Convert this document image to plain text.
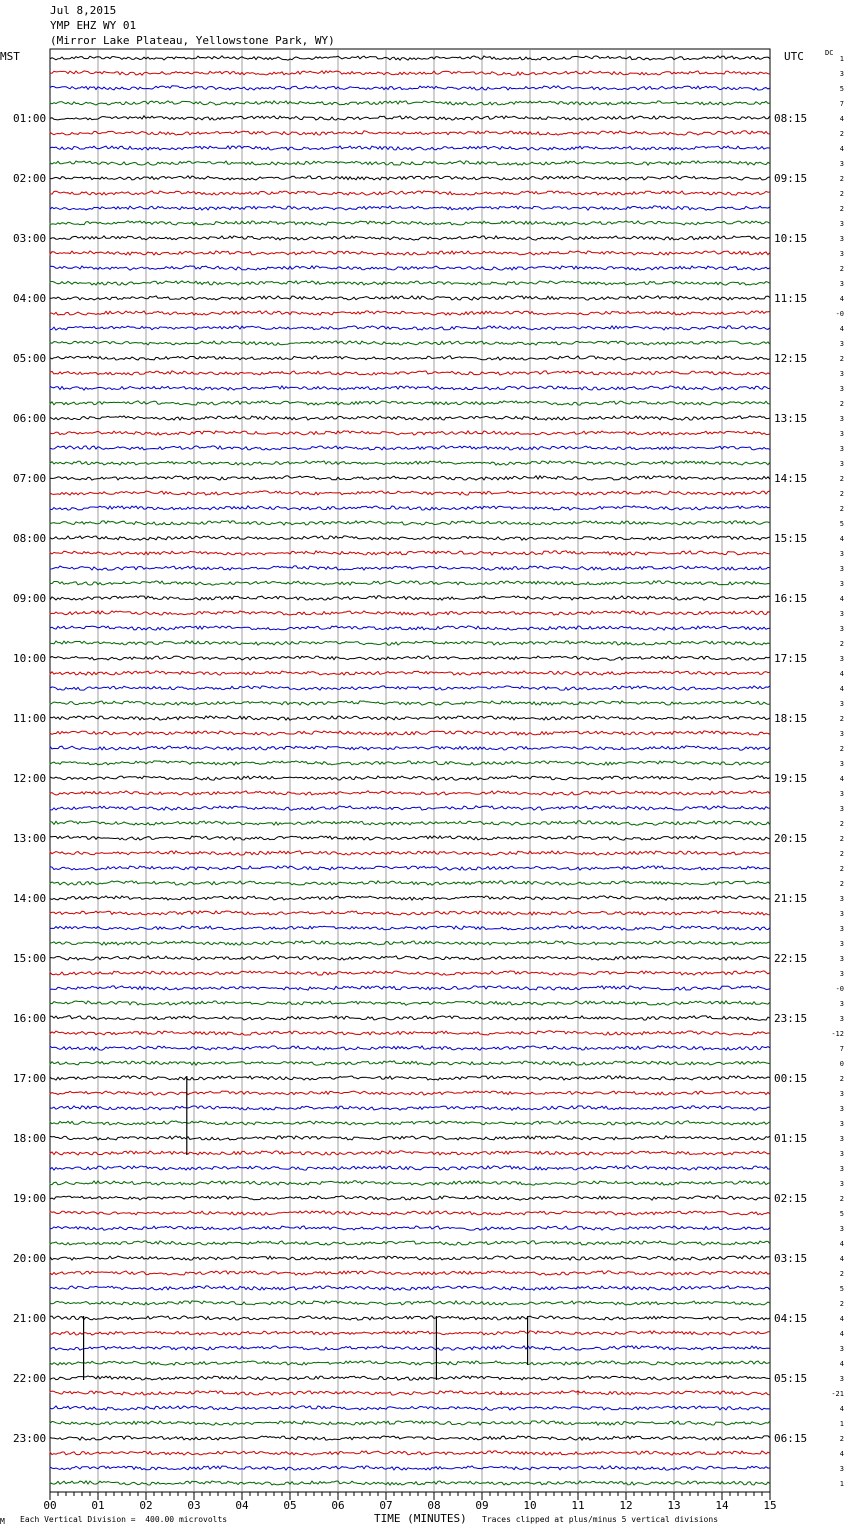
Jul 8,2015
YMP EHZ WY 01
(Mirror Lake Plateau, Yellowstone Park, WY)
MST	UTC	DC
01:00
02:00
03:00
04:00
05:00
06:00
07:00
08:00
09:00
10:00
11:00
12:00
13:00
14:00
15:00
16:00
17:00
18:00
19:00
20:00
21:00
22:00
23:00
08:15
09:15
10:15
11:15
12:15
13:15
14:15
15:15
16:15
17:15
18:15
19:15
20:15
21:15
22:15
23:15
00:15
01:15
02:15
03:15
04:15
05:15
06:15
1
3
5
7
4
2
4
3
2
2
2
3
3
3
2
3
4
-0
4
3
2
3
3
2
3
3
3
3
2
2
2
5
4
3
3
3
4
3
3
2
3
4
4
3
2
3
2
3
4
3
3
2
2
2
2
2
3
3
3
3
3
3
-0
3
3
-12
7
0
2
3
3
3
3
3
3
3
2
5
3
4
4
2
5
2
4
4
3
4
3
-21
4
1
2
4
3
1
00	01	02	03	04	05	06	07	08	09	10	11	12	13	14	15
M Each Vertical Division =  400.00 microvolts	TIME (MINUTES) Traces clipped at plus/minus 5 vertical divisions
